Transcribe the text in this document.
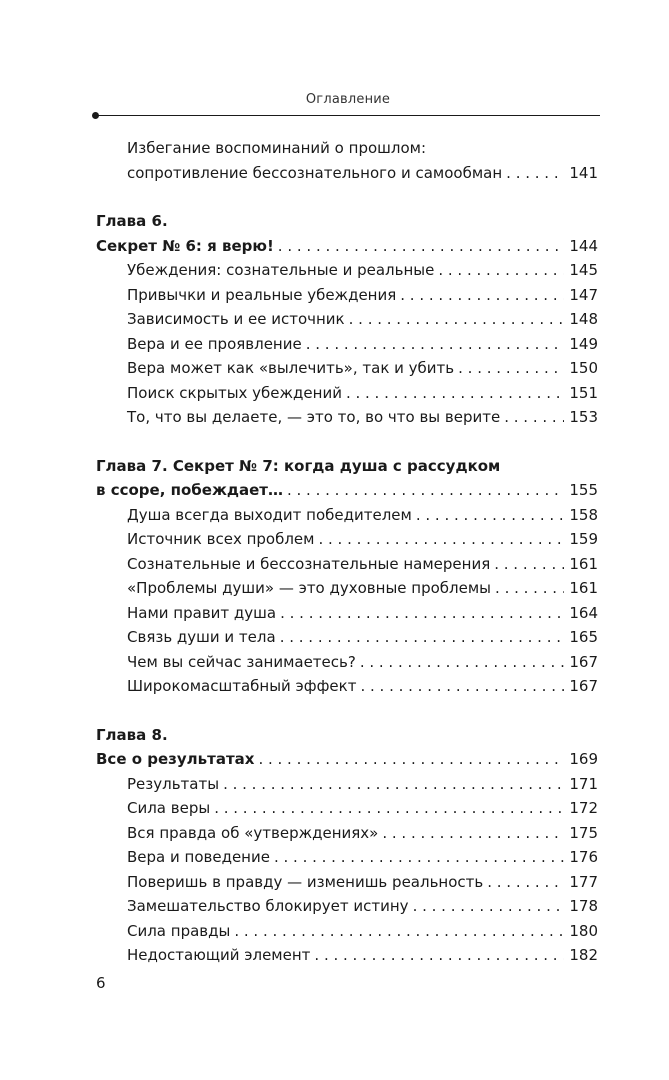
Оглавление
Избегание воспоминаний о прошлом:
сопротивление бессознательного и самообман . . .	141
Глава 6.
Секрет № 6: я верю! . . .	144
Убеждения: сознательные и реальные . . .	145
Привычки и реальные убеждения . . .	147
Зависимость и ее источник . . .	148
Вера и ее проявление . . .	149
Вера может как «вылечить», так и убить . . .	150
Поиск скрытых убеждений . . .	151
То, что вы делаете, — это то, во что вы верите . . .	153
Глава 7. Секрет № 7: когда душа с рассудком
в ссоре, побеждает… . . .	155
Душа всегда выходит победителем . . .	158
Источник всех проблем . . .	159
Сознательные и бессознательные намерения . . .	161
«Проблемы души» — это духовные проблемы . . .	161
Нами правит душа . . .	164
Связь души и тела . . .	165
Чем вы сейчас занимаетесь? . . .	167
Широкомасштабный эффект . . .	167
Глава 8.
Все о результатах . . .	169
Результаты . . .	171
Сила веры . . .	172
Вся правда об «утверждениях» . . .	175
Вера и поведение . . .	176
Поверишь в правду — изменишь реальность . . .	177
Замешательство блокирует истину . . .	178
Сила правды . . .	180
Недостающий элемент . . .	182
6
